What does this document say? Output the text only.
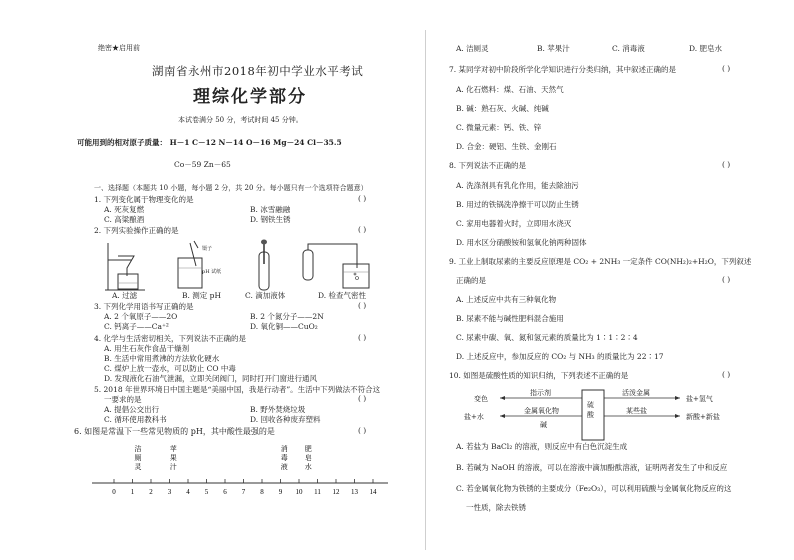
绝密★启用前
湖南省永州市2018年初中学业水平考试
理综化学部分
本试卷满分 50 分，考试时间 45 分钟。
可能用到的相对原子质量： H－1 C－12 N－14 O－16 Mg－24 Cl－35.5
Co－59 Zn－65
一、选择题（本题共 10 小题，每小题 2 分，共 20 分。每小题只有一个选项符合题意）
1. 下列变化属于物理变化的是	( )
A. 死灰复燃	B. 冰雪融融
C. 高粱酿酒	D. 钢铁生锈
2. 下列实验操作正确的是	( )
镊子
pH 试纸
A. 过滤	B. 测定 pH	C. 滴加液体	D. 检查气密性
3. 下列化学用语书写正确的是	( )
A. 2 个氧原子——2O	B. 2 个氮分子——2N
C. 钙离子——Ca⁺²	D. 氧化铜——CuO₂
4. 化学与生活密切相关，下列说法不正确的是	( )
A. 用生石灰作食品干燥剂
B. 生活中常用煮沸的方法软化硬水
C. 煤炉上放一壶水，可以防止 CO 中毒
D. 发现液化石油气泄漏，立即关闭阀门，同时打开门窗进行通风
5. 2018 年世界环境日中国主题是“美丽中国，我是行动者”。生活中下列做法不符合这
一要求的是	( )
A. 提倡公交出行	B. 野外焚烧垃圾
C. 循环使用教科书	D. 回收各种废弃塑料
6. 如图是常温下一些常见物质的 pH，其中酸性最强的是	( )
0 1 2 3 4 5 6 7 8 9 10 11 12 13 14
洁
厕
灵
苹
果
汁
消
毒
液
肥
皂
水
A. 洁厕灵	B. 苹果汁	C. 消毒液	D. 肥皂水
7. 某同学对初中阶段所学化学知识进行分类归纳，其中叙述正确的是	( )
A. 化石燃料：煤、石油、天然气
B. 碱：熟石灰、火碱、纯碱
C. 微量元素：钙、铁、锌
D. 合金：硬铝、生铁、金刚石
8. 下列说法不正确的是	( )
A. 洗涤剂具有乳化作用，能去除油污
B. 用过的铁锅洗净擦干可以防止生锈
C. 家用电器着火时，立即用水浇灭
D. 用水区分硝酸铵和氢氧化钠两种固体
9. 工业上制取尿素的主要反应原理是 CO₂ + 2NH₃ 一定条件 CO(NH₂)₂+H₂O，下列叙述
正确的是	( )
A. 上述反应中共有三种氧化物
B. 尿素不能与碱性肥料混合施用
C. 尿素中碳、氧、氮和氢元素的质量比为 1∶1∶2∶4
D. 上述反应中，参加反应的 CO₂ 与 NH₃ 的质量比为 22∶17
10. 如图是硫酸性质的知识归纳，下列表述不正确的是	( )
变色
盐+水
指示剂
金属氧化物
硫 酸
碱
活泼金属
某些盐
盐+氢气
新酸+新盐
A. 若盐为 BaCl₂ 的溶液，则反应中有白色沉淀生成
B. 若碱为 NaOH 的溶液，可以在溶液中滴加酚酞溶液，证明两者发生了中和反应
C. 若金属氧化物为铁锈的主要成分（Fe₂O₃），可以利用硫酸与金属氧化物反应的这
一性质，除去铁锈
